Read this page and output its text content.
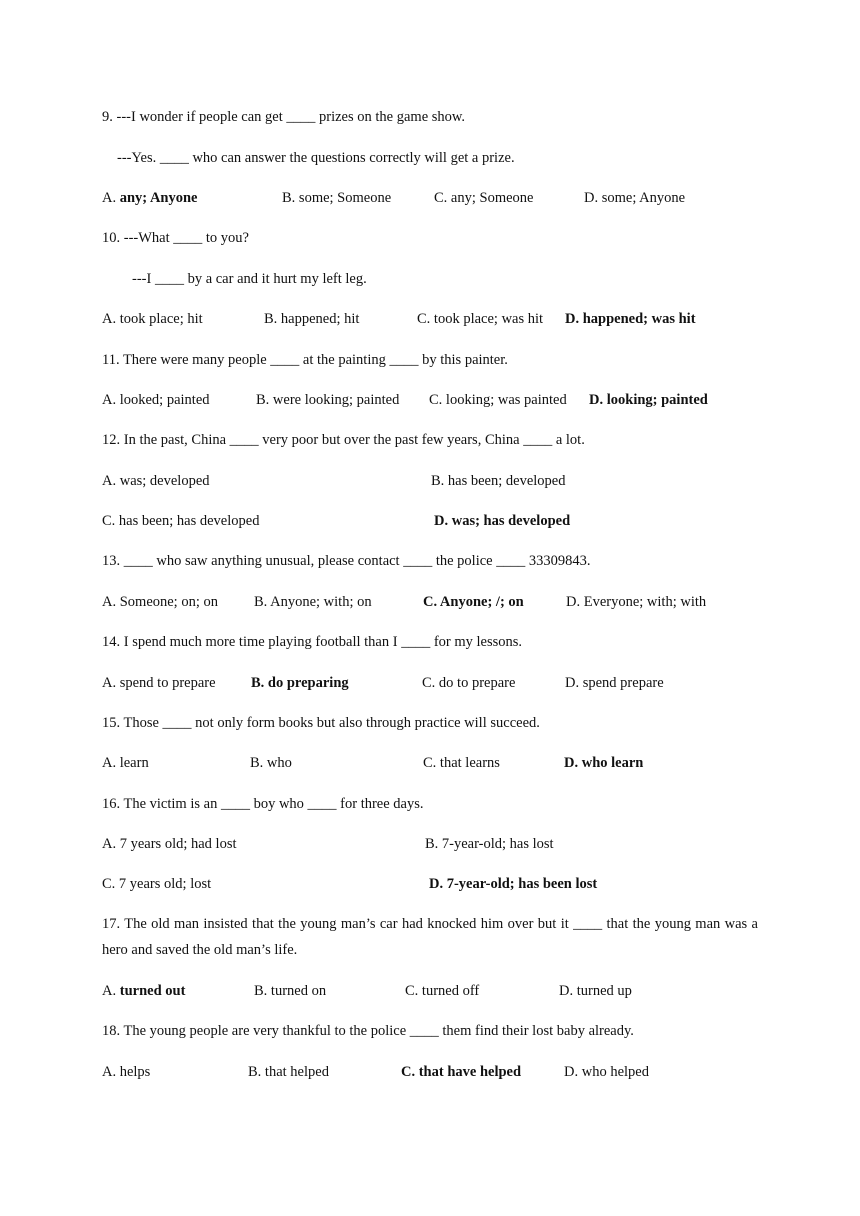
9. ---I wonder if people can get ____ prizes on the game show.
---Yes. ____ who can answer the questions correctly will get a prize.
A. any; Anyone	B. some; Someone	C. any; Someone	D. some; Anyone
10. ---What ____ to you?
---I ____ by a car and it hurt my left leg.
A. took place; hit	B. happened; hit	C. took place; was hit D. happened; was hit
11. There were many people ____ at the painting ____ by this painter.
A. looked; painted	B. were looking; painted C. looking; was painted D. looking; painted
12. In the past, China ____ very poor but over the past few years, China ____ a lot.
A. was; developed	B. has been; developed
C. has been; has developed	D. was; has developed
13. ____ who saw anything unusual, please contact ____ the police ____ 33309843.
A. Someone; on; on B. Anyone; with; on	C. Anyone; /; on	D. Everyone; with; with
14. I spend much more time playing football than I ____ for my lessons.
A. spend to prepare B. do preparing	C. do to prepare	D. spend prepare
15. Those ____ not only form books but also through practice will succeed.
A. learn	B. who	C. that learns	D. who learn
16. The victim is an ____ boy who ____ for three days.
A. 7 years old; had lost	B. 7-year-old; has lost
C. 7 years old; lost	D. 7-year-old; has been lost
17. The old man insisted that the young man’s car had knocked him over but it ____ that the young man was a hero and saved the old man’s life.
A. turned out	B. turned on	C. turned off	D. turned up
18. The young people are very thankful to the police ____ them find their lost baby already.
A. helps	B. that helped	C. that have helped	D. who helped
